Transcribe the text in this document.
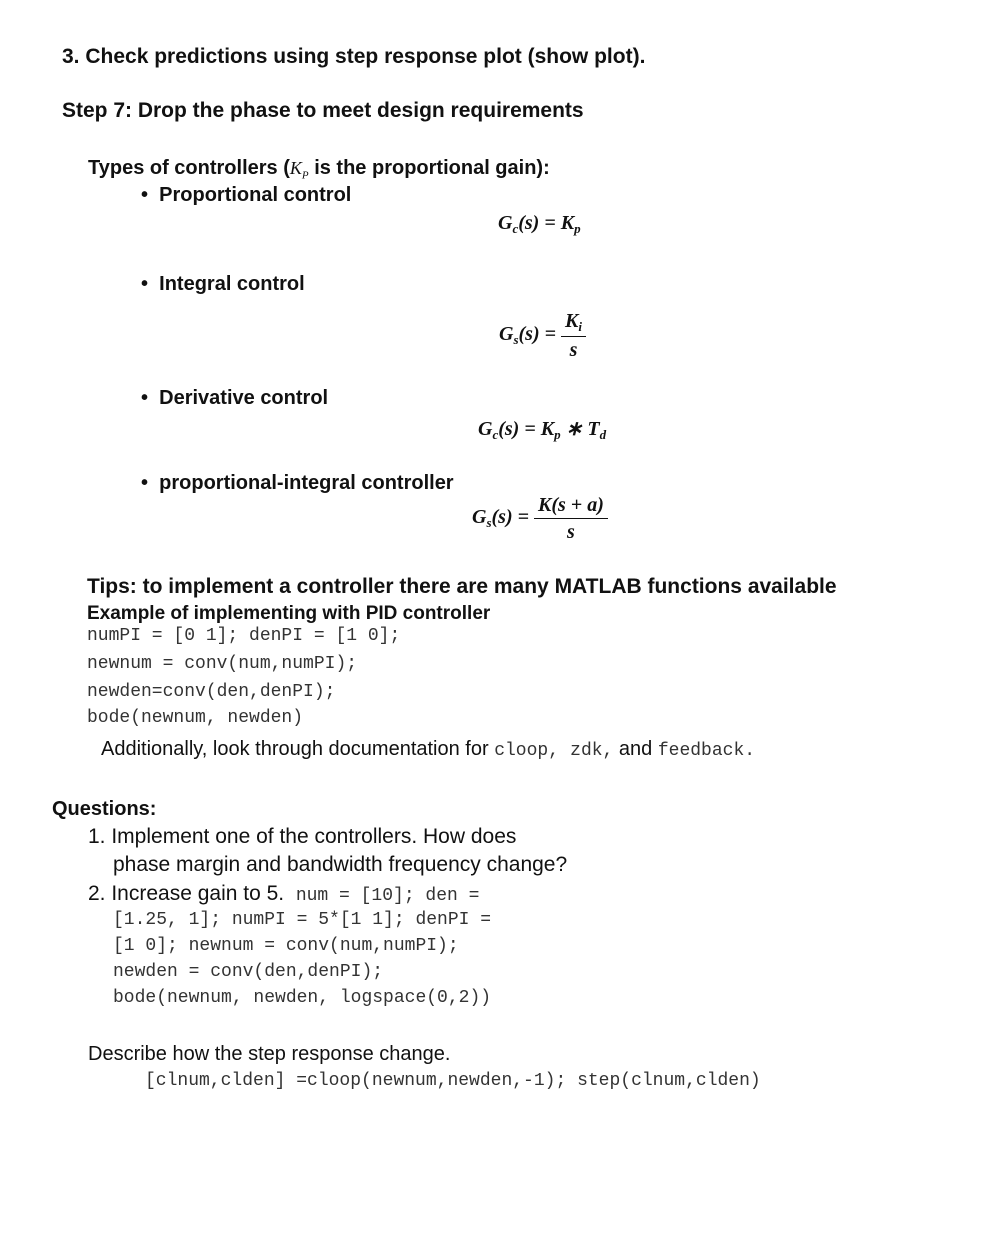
3. Check predictions using step response plot (show plot).
Step 7: Drop the phase to meet design requirements
Types of controllers ($K_P$ is the proportional gain):
• Proportional control
$G_c(s) = K_p$
• Integral control
$G_s(s) = \frac{K_i}{s}$
• Derivative control
$G_c(s) = K_p$ ∗ $T_d$
• proportional-integral controller
$G_s(s) = \frac{K(s + a)}{s}$
Tips: to implement a controller there are many MATLAB functions available
Example of implementing with PID controller
numPI = [0 1]; denPI = [1 0];
newnum = conv(num,numPI);
newden=conv(den,denPI);
bode(newnum, newden)
Additionally, look through documentation for cloop, zdk, and feedback.
Questions:
1. Implement one of the controllers. How does
phase margin and bandwidth frequency change?
2. Increase gain to 5. num = [10]; den =
[1.25, 1]; numPI = 5*[1 1]; denPI =
[1 0]; newnum = conv(num,numPI);
newden = conv(den,denPI);
bode(newnum, newden, logspace(0,2))
Describe how the step response change.
[clnum,clden] =cloop(newnum,newden,-1); step(clnum,clden)
